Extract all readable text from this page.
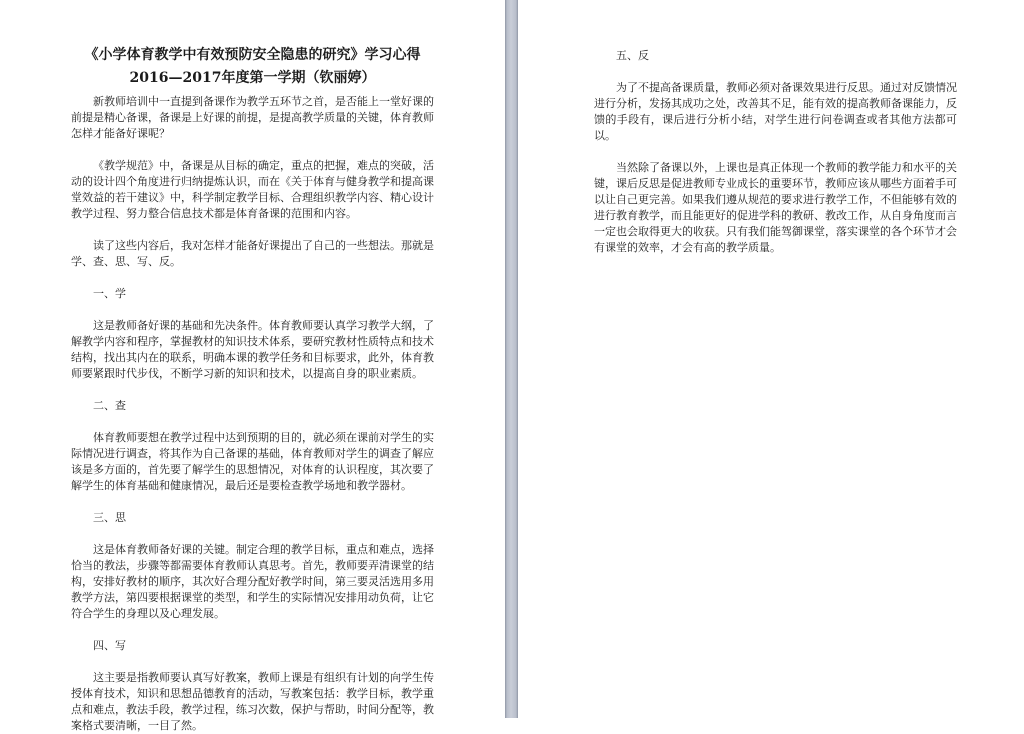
《小学体育教学中有效预防安全隐患的研究》学习心得

2016—2017年度第一学期（钦丽婷）

新教师培训中一直提到备课作为教学五环节之首，是否能上一堂好课的前提是精心备课，备课是上好课的前提，是提高教学质量的关键，体育教师怎样才能备好课呢？

《教学规范》中，备课是从目标的确定，重点的把握，难点的突破，活动的设计四个角度进行归纳提炼认识，而在《关于体育与健身教学和提高课堂效益的若干建议》中，科学制定教学目标、合理组织教学内容、精心设计教学过程、努力整合信息技术都是体育备课的范围和内容。

读了这些内容后，我对怎样才能备好课提出了自己的一些想法。那就是学、查、思、写、反。

一、学

这是教师备好课的基础和先决条件。体育教师要认真学习教学大纲，了解教学内容和程序，掌握教材的知识技术体系，要研究教材性质特点和技术结构，找出其内在的联系，明确本课的教学任务和目标要求，此外，体育教师要紧跟时代步伐，不断学习新的知识和技术，以提高自身的职业素质。

二、查

体育教师要想在教学过程中达到预期的目的，就必须在课前对学生的实际情况进行调查，将其作为自己备课的基础，体育教师对学生的调查了解应该是多方面的，首先要了解学生的思想情况，对体育的认识程度，其次要了解学生的体育基础和健康情况，最后还是要检查教学场地和教学器材。

三、思

这是体育教师备好课的关键。制定合理的教学目标，重点和难点，选择恰当的教法，步骤等都需要体育教师认真思考。首先，教师要弄清课堂的结构，安排好教材的顺序，其次好合理分配好教学时间，第三要灵活选用多用教学方法，第四要根据课堂的类型，和学生的实际情况安排用动负荷，让它符合学生的身理以及心理发展。

四、写

这主要是指教师要认真写好教案，教师上课是有组织有计划的向学生传授体育技术，知识和思想品德教育的活动，写教案包括：教学目标，教学重点和难点，教法手段，教学过程，练习次数，保护与帮助，时间分配等，教案格式要清晰，一目了然。

五、反

为了不提高备课质量，教师必须对备课效果进行反思。通过对反馈情况进行分析，发扬其成功之处，改善其不足，能有效的提高教师备课能力，反馈的手段有，课后进行分析小结，对学生进行问卷调查或者其他方法都可以。

当然除了备课以外，上课也是真正体现一个教师的教学能力和水平的关键，课后反思是促进教师专业成长的重要环节，教师应该从哪些方面着手可以让自己更完善。如果我们遵从规范的要求进行教学工作，不但能够有效的进行教育教学，而且能更好的促进学科的教研、教改工作，从自身角度而言一定也会取得更大的收获。只有我们能驾御课堂，落实课堂的各个环节才会有课堂的效率，才会有高的教学质量。
